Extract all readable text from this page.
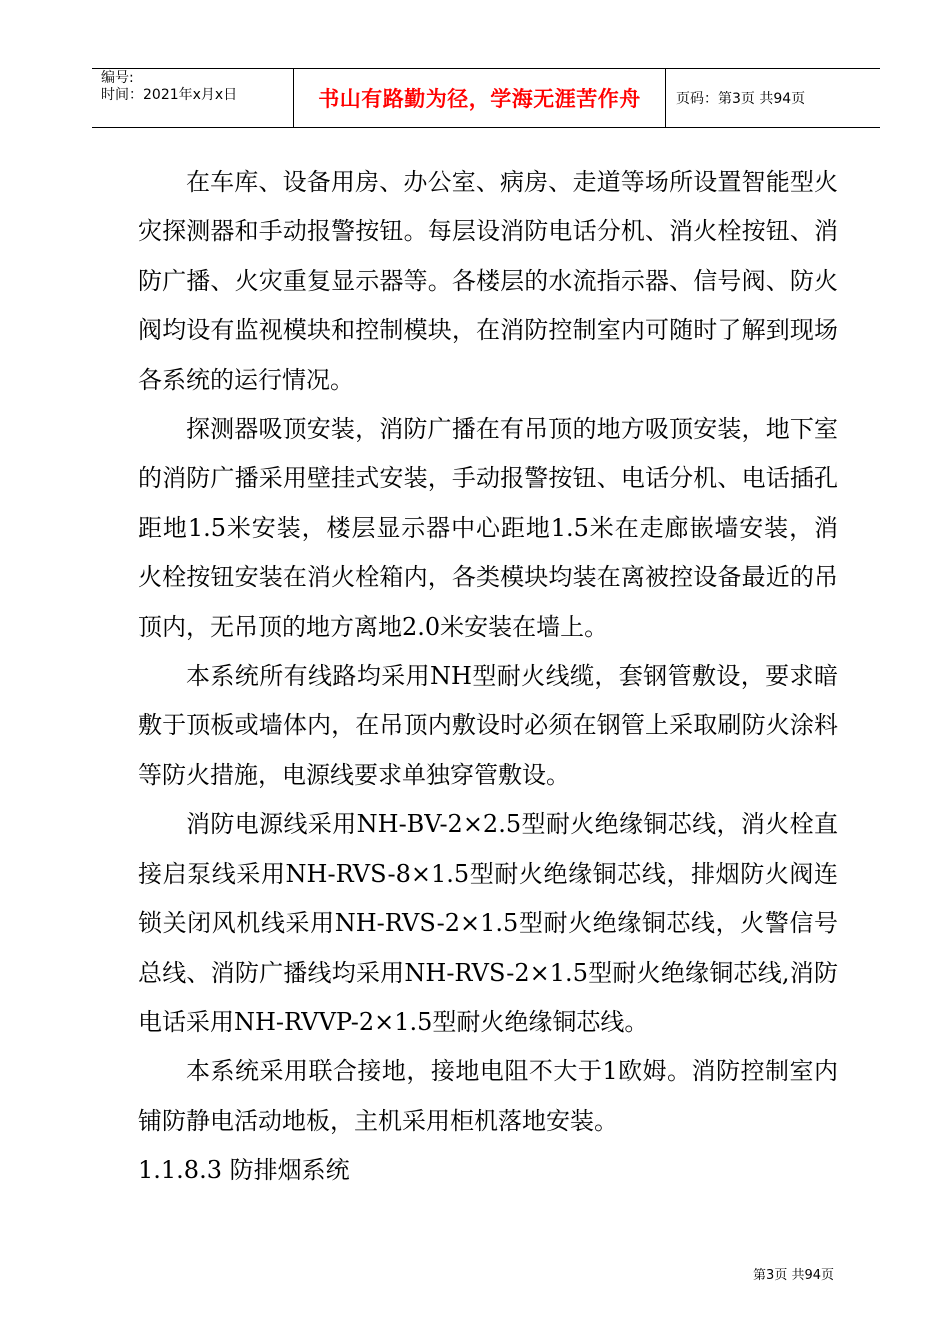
编号:
时间：2021年x月x日	书山有路勤为径，学海无涯苦作舟	页码：第3页 共94页

在车库、设备用房、办公室、病房、走道等场所设置智能型火灾探测器和手动报警按钮。每层设消防电话分机、消火栓按钮、消防广播、火灾重复显示器等。各楼层的水流指示器、信号阀、防火阀均设有监视模块和控制模块，在消防控制室内可随时了解到现场各系统的运行情况。

探测器吸顶安装，消防广播在有吊顶的地方吸顶安装，地下室的消防广播采用壁挂式安装，手动报警按钮、电话分机、电话插孔距地1.5米安装，楼层显示器中心距地1.5米在走廊嵌墙安装，消火栓按钮安装在消火栓箱内，各类模块均装在离被控设备最近的吊顶内，无吊顶的地方离地2.0米安装在墙上。

本系统所有线路均采用NH型耐火线缆，套钢管敷设，要求暗敷于顶板或墙体内，在吊顶内敷设时必须在钢管上采取刷防火涂料等防火措施，电源线要求单独穿管敷设。

消防电源线采用NH-BV-2×2.5型耐火绝缘铜芯线，消火栓直接启泵线采用NH-RVS-8×1.5型耐火绝缘铜芯线，排烟防火阀连锁关闭风机线采用NH-RVS-2×1.5型耐火绝缘铜芯线，火警信号总线、消防广播线均采用NH-RVS-2×1.5型耐火绝缘铜芯线,消防电话采用NH-RVVP-2×1.5型耐火绝缘铜芯线。

本系统采用联合接地，接地电阻不大于1欧姆。消防控制室内铺防静电活动地板，主机采用柜机落地安装。

1.1.8.3 防排烟系统
第3页 共94页
